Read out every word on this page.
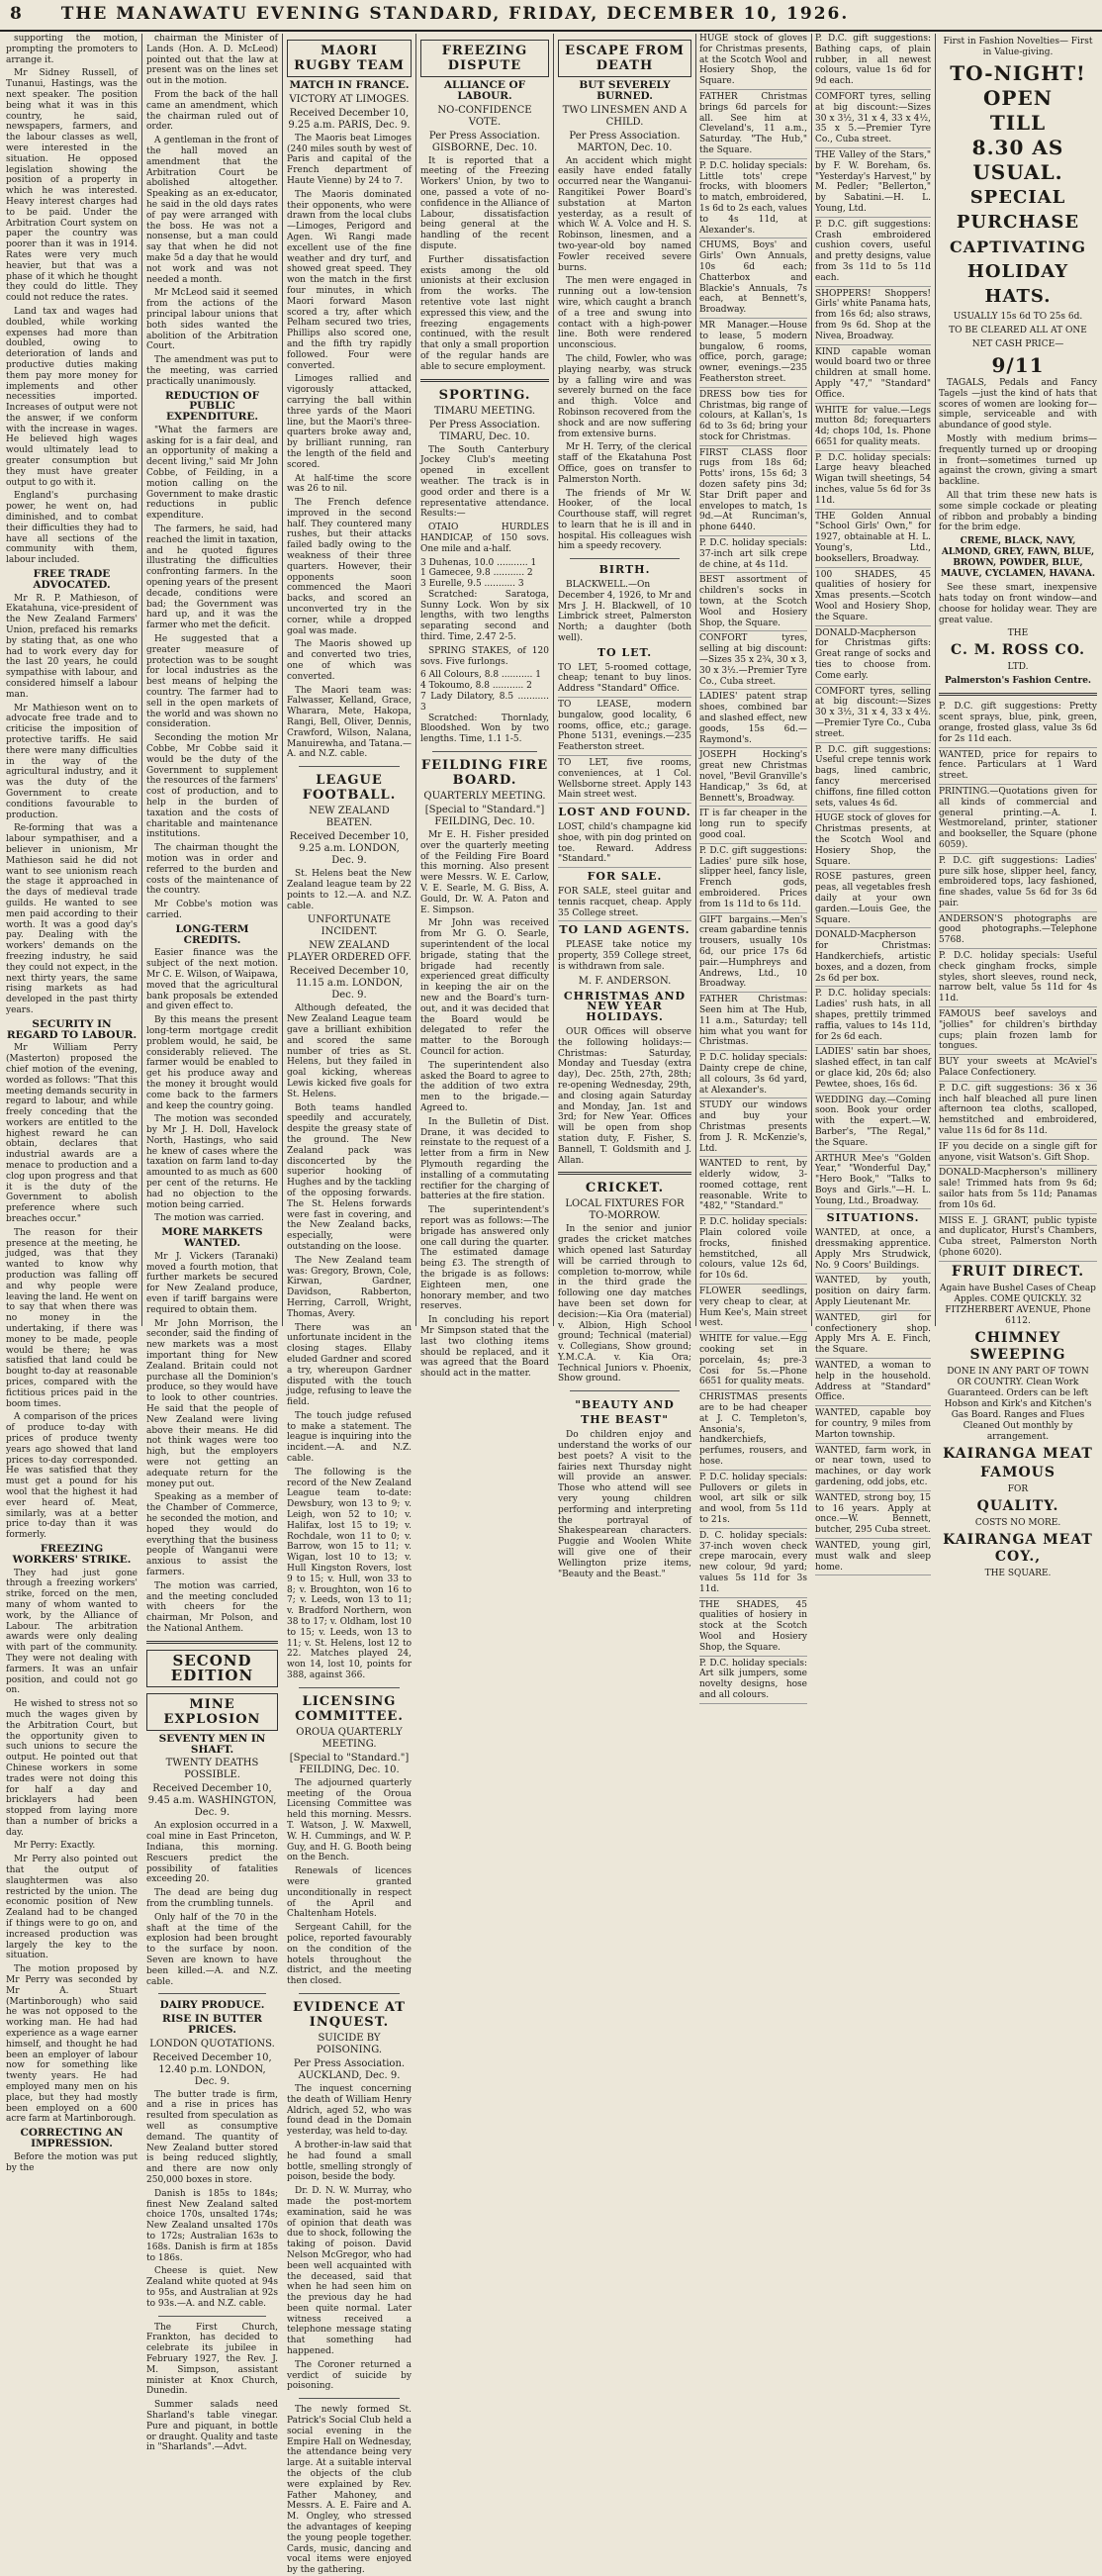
8 THE MANAWATU EVENING STANDARD, FRIDAY, DECEMBER 10, 1926.

supporting the motion, prompting the promoters to arrange it.

Mr Sidney Russell, of Tunanui, Hastings, was the next speaker. The position being what it was in this country, he said, newspapers, farmers, and the labour classes as well, were interested in the situation. He opposed legislation showing the position of a property in which he was interested. Heavy interest charges had to be paid. Under the Arbitration Court system on paper the country was poorer than it was in 1914. Rates were very much heavier, but that was a phase of it which he thought they could do little. They could not reduce the rates.

Land tax and wages had doubled, while working expenses had more than doubled, owing to deterioration of lands and productive duties making them pay more money for implements and other necessities imported. Increases of output were not the answer, if we conform with the increase in wages. He believed high wages would ultimately lead to greater consumption but they must have greater output to go with it.

England's purchasing power, he went on, had diminished, and to combat their difficulties they had to have all sections of the community with them, labour included.

FREE TRADE ADVOCATED.

Mr R. P. Mathieson, of Ekatahuna, vice-president of the New Zealand Farmers' Union, prefaced his remarks by stating that, as one who had to work every day for the last 20 years, he could sympathise with labour, and considered himself a labour man.

Mr Mathieson went on to advocate free trade and to criticise the imposition of protective tariffs. He said there were many difficulties in the way of the agricultural industry, and it was the duty of the Government to create conditions favourable to production.

Re-forming that was a labour sympathiser, and a believer in unionism, Mr Mathieson said he did not want to see unionism reach the stage it approached in the days of medieval trade guilds. He wanted to see men paid according to their worth. It was a good day's pay. Dealing with the workers' demands on the freezing industry, he said they could not expect, in the next thirty years, the same rising markets as had developed in the past thirty years.

SECURITY IN REGARD TO LABOUR.

Mr William Perry (Masterton) proposed the chief motion of the evening, worded as follows: "That this meeting demands security in regard to labour, and while freely conceding that the workers are entitled to the highest reward he can obtain, declares that industrial awards are a menace to production and a clog upon progress and that it is the duty of the Government to abolish preference where such breaches occur."

The reason for their presence at the meeting, he judged, was that they wanted to know why production was falling off and why people were leaving the land. He went on to say that when there was no money in the undertaking, if there was money to be made, people would be there; he was satisfied that land could be bought to-day at reasonable prices, compared with the fictitious prices paid in the boom times.

A comparison of the prices of produce to-day with prices of produce twenty years ago showed that land prices to-day corresponded. He was satisfied that they must get a pound for his wool that the highest it had ever heard of. Meat, similarly, was at a better price to-day than it was formerly.

FREEZING WORKERS' STRIKE.

They had just gone through a freezing workers' strike, forced on the men, many of whom wanted to work, by the Alliance of Labour. The arbitration awards were only dealing with part of the community. They were not dealing with farmers. It was an unfair position, and could not go on.

He wished to stress not so much the wages given by the Arbitration Court, but the opportunity given to such unions to secure the output. He pointed out that Chinese workers in some trades were not doing this for half a day and bricklayers had been stopped from laying more than a number of bricks a day.

Mr Perry: Exactly.

Mr Perry also pointed out that the output of slaughtermen was also restricted by the union. The economic position of New Zealand had to be changed if things were to go on, and increased production was largely the key to the situation.

The motion proposed by Mr Perry was seconded by Mr A. Stuart (Martinborough) who said he was not opposed to the working man. He had had experience as a wage earner himself, and thought he had been an employer of labour now for something like twenty years. He had employed many men on his place, but they had mostly been employed on a 600 acre farm at Martinborough.

CORRECTING AN IMPRESSION.

Before the motion was put by the

chairman the Minister of Lands (Hon. A. D. McLeod) pointed out that the law at present was on the lines set out in the motion.

From the back of the hall came an amendment, which the chairman ruled out of order.

A gentleman in the front of the hall moved an amendment that the Arbitration Court be abolished altogether. Speaking as an ex-educator, he said in the old days rates of pay were arranged with the boss. He was not a nonsense, but a man could say that when he did not make 5d a day that he would not work and was not needed a month.

Mr McLeod said it seemed from the actions of the principal labour unions that both sides wanted the abolition of the Arbitration Court.

The amendment was put to the meeting, was carried practically unanimously.

REDUCTION OF PUBLIC EXPENDITURE.

"What the farmers are asking for is a fair deal, and an opportunity of making a decent living," said Mr John Cobbe, of Feilding, in a motion calling on the Government to make drastic reductions in public expenditure.

The farmers, he said, had reached the limit in taxation, and he quoted figures illustrating the difficulties confronting farmers. In the opening years of the present decade, conditions were bad; the Government was hard up, and it was the farmer who met the deficit.

He suggested that a greater measure of protection was to be sought for local industries as the best means of helping the country. The farmer had to sell in the open markets of the world and was shown no consideration.

Seconding the motion Mr Cobbe, Mr Cobbe said it would be the duty of the Government to supplement the resources of the farmers' cost of production, and to help in the burden of taxation and the costs of charitable and maintenance institutions.

The chairman thought the motion was in order and referred to the burden and costs of the maintenance of the country.

Mr Cobbe's motion was carried.

LONG-TERM CREDITS.

Easier finance was the subject of the next motion. Mr C. E. Wilson, of Waipawa, moved that the agricultural bank proposals be extended and given effect to.

By this means the present long-term mortgage credit problem would, he said, be considerably relieved. The farmer would be enabled to get his produce away and the money it brought would come back to the farmers and keep the country going.

The motion was seconded by Mr J. H. Doll, Havelock North, Hastings, who said he knew of cases where the taxation on farm land to-day amounted to as much as 600 per cent of the returns. He had no objection to the motion being carried.

The motion was carried.

MORE MARKETS WANTED.

Mr J. Vickers (Taranaki) moved a fourth motion, that further markets be secured for New Zealand produce, even if tariff bargains were required to obtain them.

Mr John Morrison, the seconder, said the finding of new markets was a most important thing for New Zealand. Britain could not purchase all the Dominion's produce, so they would have to look to other countries. He said that the people of New Zealand were living above their means. He did not think wages were too high, but the employers were not getting an adequate return for the money put out.

Speaking as a member of the Chamber of Commerce, he seconded the motion, and hoped they would do everything that the business people of Wanganui were anxious to assist the farmers.

The motion was carried, and the meeting concluded with cheers for the chairman, Mr Polson, and the National Anthem.

SECOND EDITION
MINE EXPLOSION
SEVENTY MEN IN SHAFT.
TWENTY DEATHS POSSIBLE.
Received December 10, 9.45 a.m. WASHINGTON, Dec. 9.

An explosion occurred in a coal mine in East Princeton, Indiana, this morning. Rescuers predict the possibility of fatalities exceeding 20.

The dead are being dug from the crumbling tunnels.

Only half of the 70 in the shaft at the time of the explosion had been brought to the surface by noon. Seven are known to have been killed.—A. and N.Z. cable.

DAIRY PRODUCE.
RISE IN BUTTER PRICES.
LONDON QUOTATIONS.
Received December 10, 12.40 p.m. LONDON, Dec. 9.

The butter trade is firm, and a rise in prices has resulted from speculation as well as consumptive demand. The quantity of New Zealand butter stored is being reduced slightly, and there are now only 250,000 boxes in store.

Danish is 185s to 184s; finest New Zealand salted choice 170s, unsalted 174s; New Zealand unsalted 170s to 172s; Australian 163s to 168s. Danish is firm at 185s to 186s.

Cheese is quiet. New Zealand white quoted at 94s to 95s, and Australian at 92s to 93s.—A. and N.Z. cable.

The First Church, Frankton, has decided to celebrate its jubilee in February 1927, the Rev. J. M. Simpson, assistant minister at Knox Church, Dunedin.

Summer salads need Sharland's table vinegar. Pure and piquant, in bottle or draught. Quality and taste in "Sharlands".—Advt.

MAORI RUGBY TEAM
MATCH IN FRANCE.
VICTORY AT LIMOGES.
Received December 10, 9.25 a.m. PARIS, Dec. 9.

The Maoris beat Limoges (240 miles south by west of Paris and capital of the French department of Haute Vienne) by 24 to 7.

The Maoris dominated their opponents, who were drawn from the local clubs—Limoges, Perigord and Agen. Wi Rangi made excellent use of the fine weather and dry turf, and showed great speed. They won the match in the first four minutes, in which Maori forward Mason scored a try, after which Pelham secured two tries, Phillips also scored one, and the fifth try rapidly followed. Four were converted.

Limoges rallied and vigorously attacked, carrying the ball within three yards of the Maori line, but the Maori's three-quarters broke away and, by brilliant running, ran the length of the field and scored.

At half-time the score was 26 to nil.

The French defence improved in the second half. They countered many rushes, but their attacks failed badly owing to the weakness of their three quarters. However, their opponents soon commenced the Maori backs, and scored an unconverted try in the corner, while a dropped goal was made.

The Maoris showed up and converted two tries, one of which was converted.

The Maori team was: Falwasser, Kelland, Grace, Wharara, Mete, Hakopa, Rangi, Bell, Oliver, Dennis, Crawford, Wilson, Nalana, Manuirewha, and Tatana.—A. and N.Z. cable.

LEAGUE FOOTBALL.
NEW ZEALAND BEATEN.
Received December 10, 9.25 a.m. LONDON, Dec. 9.

St. Helens beat the New Zealand league team by 22 points to 12.—A. and N.Z. cable.

UNFORTUNATE INCIDENT.
NEW ZEALAND PLAYER ORDERED OFF.
Received December 10, 11.15 a.m. LONDON, Dec. 9.

Although defeated, the New Zealand League team gave a brilliant exhibition and scored the same number of tries as St. Helens, but they failed in goal kicking, whereas Lewis kicked five goals for St. Helens.

Both teams handled speedily and accurately, despite the greasy state of the ground. The New Zealand pack was disconcerted by the superior hooking of Hughes and by the tackling of the opposing forwards. The St. Helens forwards were fast in covering, and the New Zealand backs, especially, were outstanding on the loose.

The New Zealand team was: Gregory, Brown, Cole, Kirwan, Gardner, Davidson, Rabberton, Herring, Carroll, Wright, Thomas, Avery.

There was an unfortunate incident in the closing stages. Ellaby eluded Gardner and scored a try, whereupon Gardner disputed with the touch judge, refusing to leave the field.

The touch judge refused to make a statement. The league is inquiring into the incident.—A. and N.Z. cable.

The following is the record of the New Zealand League team to-date: Dewsbury, won 13 to 9; v. Leigh, won 52 to 10; v. Halifax, lost 15 to 19; v. Rochdale, won 11 to 0; v. Barrow, won 15 to 11; v. Wigan, lost 10 to 13; v. Hull Kingston Rovers, lost 9 to 15; v. Hull, won 33 to 8; v. Broughton, won 16 to 7; v. Leeds, won 13 to 11; v. Bradford Northern, won 38 to 17; v. Oldham, lost 10 to 15; v. Leeds, won 13 to 11; v. St. Helens, lost 12 to 22. Matches played 24, won 14, lost 10, points for 388, against 366.

LICENSING COMMITTEE.
OROUA QUARTERLY MEETING.
[Special to "Standard."] FEILDING, Dec. 10.

The adjourned quarterly meeting of the Oroua Licensing Committee was held this morning. Messrs. T. Watson, J. W. Maxwell, W. H. Cummings, and W. P. Guy, and H. G. Booth being on the Bench.

Renewals of licences were granted unconditionally in respect of the April and Chaltenham Hotels.

Sergeant Cahill, for the police, reported favourably on the condition of the hotels throughout the district, and the meeting then closed.

EVIDENCE AT INQUEST.
SUICIDE BY POISONING.
Per Press Association. AUCKLAND, Dec. 9.

The inquest concerning the death of William Henry Aldrich, aged 52, who was found dead in the Domain yesterday, was held to-day.

A brother-in-law said that he had found a small bottle, smelling strongly of poison, beside the body.

Dr. D. N. W. Murray, who made the post-mortem examination, said he was of opinion that death was due to shock, following the taking of poison. David Nelson McGregor, who had been well acquainted with the deceased, said that when he had seen him on the previous day he had been quite normal. Later witness received a telephone message stating that something had happened.

The Coroner returned a verdict of suicide by poisoning.

The newly formed St. Patrick's Social Club held a social evening in the Empire Hall on Wednesday, the attendance being very large. At a suitable interval the objects of the club were explained by Rev. Father Mahoney, and Messrs. A. E. Faire and A. M. Ongley, who stressed the advantages of keeping the young people together. Cards, music, dancing and vocal items were enjoyed by the gathering.

FREEZING DISPUTE
ALLIANCE OF LABOUR.
NO-CONFIDENCE VOTE.
Per Press Association. GISBORNE, Dec. 10.

It is reported that a meeting of the Freezing Workers' Union, by two to one, passed a vote of no-confidence in the Alliance of Labour, dissatisfaction being general at the handling of the recent dispute.

Further dissatisfaction exists among the old unionists at their exclusion from the works. The retentive vote last night expressed this view, and the freezing engagements continued, with the result that only a small proportion of the regular hands are able to secure employment.

SPORTING.
TIMARU MEETING.
Per Press Association. TIMARU, Dec. 10.

The South Canterbury Jockey Club's meeting opened in excellent weather. The track is in good order and there is a representative attendance. Results:—

OTAIO HURDLES HANDICAP, of 150 sovs. One mile and a-half.

3 Duhenas, 10.0 ........... 1
1 Gamecee, 9.8 ........... 2
3 Eurelle, 9.5 ........... 3

Scratched: Saratoga, Sunny Lock. Won by six lengths, with two lengths separating second and third. Time, 2.47 2-5.

SPRING STAKES, of 120 sovs. Five furlongs.

6 All Colours, 8.8 ........... 1
4 Tokoumo, 8.8 ........... 2
7 Lady Dilatory, 8.5 ........... 3

Scratched: Thornlady, Bloodshed. Won by two lengths. Time, 1.1 1-5.

FEILDING FIRE BOARD.
QUARTERLY MEETING.
[Special to "Standard."] FEILDING, Dec. 10.

Mr E. H. Fisher presided over the quarterly meeting of the Feilding Fire Board this morning. Also present were Messrs. W. E. Carlow, V. E. Searle, M. G. Biss, A. Gould, Dr. W. A. Paton and E. Simpson.

Mr John was received from Mr G. O. Searle, superintendent of the local brigade, stating that the brigade had recently experienced great difficulty in keeping the air on the new and the Board's turn-out, and it was decided that the Board would be delegated to refer the matter to the Borough Council for action.

The superintendent also asked the Board to agree to the addition of two extra men to the brigade.—Agreed to.

In the Bulletin of Dist. Drane, it was decided to reinstate to the request of a letter from a firm in New Plymouth regarding the installing of a commutating rectifier for the charging of batteries at the fire station.

The superintendent's report was as follows:—The brigade has answered only one call during the quarter. The estimated damage being £3. The strength of the brigade is as follows: Eighteen men, one honorary member, and two reserves.

In concluding his report Mr Simpson stated that the last two clothing items should be replaced, and it was agreed that the Board should act in the matter.

ESCAPE FROM DEATH
BUT SEVERELY BURNED.
TWO LINESMEN AND A CHILD.
Per Press Association. MARTON, Dec. 10.

An accident which might easily have ended fatally occurred near the Wanganui-Rangitikei Power Board's substation at Marton yesterday, as a result of which W. A. Volce and H. S. Robinson, linesmen, and a two-year-old boy named Fowler received severe burns.

The men were engaged in running out a low-tension wire, which caught a branch of a tree and swung into contact with a high-power line. Both were rendered unconscious.

The child, Fowler, who was playing nearby, was struck by a falling wire and was severely burned on the face and thigh. Volce and Robinson recovered from the shock and are now suffering from extensive burns.

Mr H. Terry, of the clerical staff of the Ekatahuna Post Office, goes on transfer to Palmerston North.

The friends of Mr W. Hooker, of the local Courthouse staff, will regret to learn that he is ill and in hospital. His colleagues wish him a speedy recovery.

BIRTH.

BLACKWELL.—On December 4, 1926, to Mr and Mrs J. H. Blackwell, of 10 Limbrick street, Palmerston North; a daughter (both well).

TO LET.
TO LET, 5-roomed cottage, cheap; tenant to buy linos. Address "Standard" Office.
TO LEASE, modern bungalow, good locality, 6 rooms, office, etc.; garage. Phone 5131, evenings.—235 Featherston street.
TO LET, five rooms, conveniences, at 1 Col. Wellsborne street. Apply 143 Main street west.
LOST AND FOUND.
LOST, child's champagne kid shoe, with pin dog printed on toe. Reward. Address "Standard."
FOR SALE.
FOR SALE, steel guitar and tennis racquet, cheap. Apply 35 College street.
TO LAND AGENTS.

PLEASE take notice my property, 359 College street, is withdrawn from sale.

M. F. ANDERSON.
CHRISTMAS AND NEW YEAR HOLIDAYS.

OUR Offices will observe the following holidays:—Christmas: Saturday, Monday and Tuesday (extra day), Dec. 25th, 27th, 28th; re-opening Wednesday, 29th, and closing again Saturday and Monday, Jan. 1st and 3rd; for New Year. Offices will be open from shop station duty, F. Fisher, S. Bannell, T. Goldsmith and J. Allan.

CRICKET.
LOCAL FIXTURES FOR TO-MORROW.

In the senior and junior grades the cricket matches which opened last Saturday will be carried through to completion to-morrow, while in the third grade the following one day matches have been set down for decision:—Kia Ora (material) v. Albion, High School ground; Technical (material) v. Collegians, Show ground; Y.M.C.A. v. Kia Ora; Technical Juniors v. Phoenix, Show ground.

"BEAUTY AND THE BEAST"

Do children enjoy and understand the works of our best poets? A visit to the fairies next Thursday night will provide an answer. Those who attend will see very young children performing and interpreting the portrayal of Shakespearean characters. Puggie and Woolen White will give one of their Wellington prize items, "Beauty and the Beast."

HUGE stock of gloves for Christmas presents, at the Scotch Wool and Hosiery Shop, the Square.
FATHER Christmas brings 6d parcels for all. See him at Cleveland's, 11 a.m., Saturday. "The Hub," the Square.
P. D.C. holiday specials: Little tots' crepe frocks, with bloomers to match, embroidered, 1s 6d to 2s each, values to 4s 11d, at Alexander's.
CHUMS, Boys' and Girls' Own Annuals, 10s 6d each; Chatterbox and Blackie's Annuals, 7s each, at Bennett's, Broadway.
MR Manager.—House to lease, 5 modern bungalow, 6 rooms, office, porch, garage; owner, evenings.—235 Featherston street.
DRESS bow ties for Christmas, big range of colours, at Kallan's, 1s 6d to 3s 6d; bring your stock for Christmas.
FIRST CLASS floor rugs from 18s 6d; Potts' irons, 15s 6d; 3 dozen safety pins 3d; Star Drift paper and envelopes to match, 1s 9d.—At Runciman's, phone 6440.
P. D.C. holiday specials: 37-inch art silk crepe de chine, at 4s 11d.
BEST assortment of children's socks in town, at the Scotch Wool and Hosiery Shop, the Square.
CONFORT tyres, selling at big discount:—Sizes 35 x 2¾, 30 x 3, 30 x 3½.—Premier Tyre Co., Cuba street.
LADIES' patent strap shoes, combined bar and slashed effect, new goods, 15s 6d.—Raymond's.
JOSEPH Hocking's great new Christmas novel, "Bevil Granville's Handicap," 3s 6d, at Bennett's, Broadway.
IT is far cheaper in the long run to specify good coal.
P. D.C. gift suggestions: Ladies' pure silk hose, slipper heel, fancy lisle, French gods, embroidered. Prices from 1s 11d to 6s 11d.
GIFT bargains.—Men's cream gabardine tennis trousers, usually 10s 6d, our price 17s 6d pair.—Humphreys and Andrews, Ltd., 10 Broadway.
FATHER Christmas: Seen him at The Hub, 11 a.m., Saturday; tell him what you want for Christmas.
P. D.C. holiday specials: Dainty crepe de chine, all colours, 3s 6d yard, at Alexander's.
STUDY our windows and buy your Christmas presents from J. R. McKenzie's, Ltd.
WANTED to rent, by elderly widow, 3-roomed cottage, rent reasonable. Write to "482," "Standard."
P. D.C. holiday specials: Plain colored voile frocks, finished hemstitched, all colours, value 12s 6d, for 10s 6d.
FLOWER seedlings, very cheap to clear, at Hum Kee's, Main street west.
WHITE for value.—Egg cooking set in porcelain, 4s; pre-3 Cosi for 5s.—Phone 6651 for quality meats.
CHRISTMAS presents are to be had cheaper at J. C. Templeton's, Ansonia's, handkerchiefs, perfumes, rousers, and hose.
P. D.C. holiday specials: Pullovers or gilets in wool, art silk or silk and wool, from 5s 11d to 21s.
D. C. holiday specials: 37-inch woven check crepe marocain, every new colour, 9d yard; values 5s 11d for 3s 11d.
THE SHADES, 45 qualities of hosiery in stock at the Scotch Wool and Hosiery Shop, the Square.
P. D.C. holiday specials: Art silk jumpers, some novelty designs, hose and all colours.
P. D.C. gift suggestions: Bathing caps, of plain rubber, in all newest colours, value 1s 6d for 9d each.
COMFORT tyres, selling at big discount:—Sizes 30 x 3½, 31 x 4, 33 x 4½, 35 x 5.—Premier Tyre Co., Cuba street.
THE Valley of the Stars," by F. W. Boreham, 6s. "Yesterday's Harvest," by M. Pedler; "Bellerton," by Sabatini.—H. L. Young, Ltd.
P. D.C. gift suggestions: Crash embroidered cushion covers, useful and pretty designs, value from 3s 11d to 5s 11d each.
SHOPPERS! Shoppers! Girls' white Panama hats, from 16s 6d; also straws, from 9s 6d. Shop at the Nivea, Broadway.
KIND capable woman would board two or three children at small home. Apply "47," "Standard" Office.
WHITE for value.—Legs mutton 8d; forequarters 4d; chops 10d, 1s. Phone 6651 for quality meats.
P. D.C. holiday specials: Large heavy bleached Wigan twill sheetings, 54 inches, value 5s 6d for 3s 11d.
THE Golden Annual "School Girls' Own," for 1927, obtainable at H. L. Young's, Ltd., booksellers, Broadway.
100 SHADES, 45 qualities of hosiery for Xmas presents.—Scotch Wool and Hosiery Shop, the Square.
DONALD-Macpherson for Christmas gifts: Great range of socks and ties to choose from. Come early.
COMFORT tyres, selling at big discount:—Sizes 30 x 3½, 31 x 4, 33 x 4½.—Premier Tyre Co., Cuba street.
P. D.C. gift suggestions: Useful crepe tennis work bags, lined cambric, fancy mercerised chiffons, fine filled cotton sets, values 4s 6d.
HUGE stock of gloves for Christmas presents, at the Scotch Wool and Hosiery Shop, the Square.
ROSE pastures, green peas, all vegetables fresh daily at your own garden.—Louis Gee, the Square.
DONALD-Macpherson for Christmas: Handkerchiefs, artistic boxes, and a dozen, from 2s 6d per box.
P. D.C. holiday specials: Ladies' rush hats, in all shapes, prettily trimmed raffia, values to 14s 11d, for 2s 6d each.
LADIES' satin bar shoes, slashed effect, in tan calf or glace kid, 20s 6d; also Pewtee, shoes, 16s 6d.
WEDDING day.—Coming soon. Book your order with the expert.—W. Barber's, "The Regal," the Square.
ARTHUR Mee's "Golden Year," "Wonderful Day," "Hero Book," "Talks to Boys and Girls."—H. L. Young, Ltd., Broadway.
SITUATIONS.
WANTED, at once, a dressmaking apprentice. Apply Mrs Strudwick, No. 9 Coors' Buildings.
WANTED, by youth, position on dairy farm. Apply Lieutenant Mr.
WANTED, girl for confectionery shop. Apply Mrs A. E. Finch, the Square.
WANTED, a woman to help in the household. Address at "Standard" Office.
WANTED, capable boy for country, 9 miles from Marton township.
WANTED, farm work, in or near town, used to machines, or day work gardening, odd jobs, etc.
WANTED, strong boy, 15 to 16 years. Apply at once.—W. Bennett, butcher, 295 Cuba street.
WANTED, young girl, must walk and sleep home.
First in Fashion Novelties— First in Value-giving.
TO-NIGHT!
OPEN
TILL
8.30 AS
USUAL.
SPECIAL
PURCHASE
CAPTIVATING
HOLIDAY
HATS.
USUALLY 15s 6d TO 25s 6d.
TO BE CLEARED ALL AT ONE
NET CASH PRICE—
9/11

TAGALS, Pedals and Fancy Tagels —just the kind of hats that scores of women are looking for—simple, serviceable and with abundance of good style.

Mostly with medium brims—frequently turned up or drooping in front—sometimes turned up against the crown, giving a smart backline.

All that trim these new hats is some simple cockade or pleating of ribbon and probably a binding for the brim edge.

CREME, BLACK, NAVY, ALMOND, GREY, FAWN, BLUE, BROWN, POWDER, BLUE, MAUVE, CYCLAMEN, HAVANA.

See these smart, inexpensive hats today on front window—and choose for holiday wear. They are great value.

THE
C. M. ROSS CO.
LTD.
Palmerston's Fashion Centre.
P. D.C. gift suggestions: Pretty scent sprays, blue, pink, green, orange, frosted glass, value 3s 6d for 2s 11d each.
WANTED, price for repairs to fence. Particulars at 1 Ward street.
PRINTING.—Quotations given for all kinds of commercial and general printing.—A. I. Westmoreland, printer, stationer and bookseller, the Square (phone 6059).
P. D.C. gift suggestions: Ladies' pure silk hose, slipper heel, fancy, embroidered tops, lacy fashioned, fine shades, value 5s 6d for 3s 6d pair.
ANDERSON'S photographs are good photographs.—Telephone 5768.
P. D.C. holiday specials: Useful check gingham frocks, simple styles, short sleeves, round neck, narrow belt, value 5s 11d for 4s 11d.
FAMOUS beef saveloys and "jollies" for children's birthday cups; plain frozen lamb for tongues.
BUY your sweets at McAviel's Palace Confectionery.
P. D.C. gift suggestions: 36 x 36 inch half bleached all pure linen afternoon tea cloths, scalloped, hemstitched and embroidered, value 11s 6d for 8s 11d.
IF you decide on a single gift for anyone, visit Watson's. Gift Shop.
DONALD-Macpherson's millinery sale! Trimmed hats from 9s 6d; sailor hats from 5s 11d; Panamas from 10s 6d.
MISS E. J. GRANT, public typiste and duplicator, Hurst's Chambers, Cuba street, Palmerston North (phone 6020).
FRUIT DIRECT.
Again have Bushel Cases of Cheap Apples. COME QUICKLY. 32 FITZHERBERT AVENUE, Phone 6112.
CHIMNEY SWEEPING
DONE IN ANY PART OF TOWN OR COUNTRY. Clean Work Guaranteed. Orders can be left Hobson and Kirk's and Kitchen's Gas Board. Ranges and Flues Cleaned Out monthly by arrangement.
KAIRANGA MEAT
FAMOUS
FOR
QUALITY.
COSTS NO MORE.
KAIRANGA MEAT COY.,
THE SQUARE.
